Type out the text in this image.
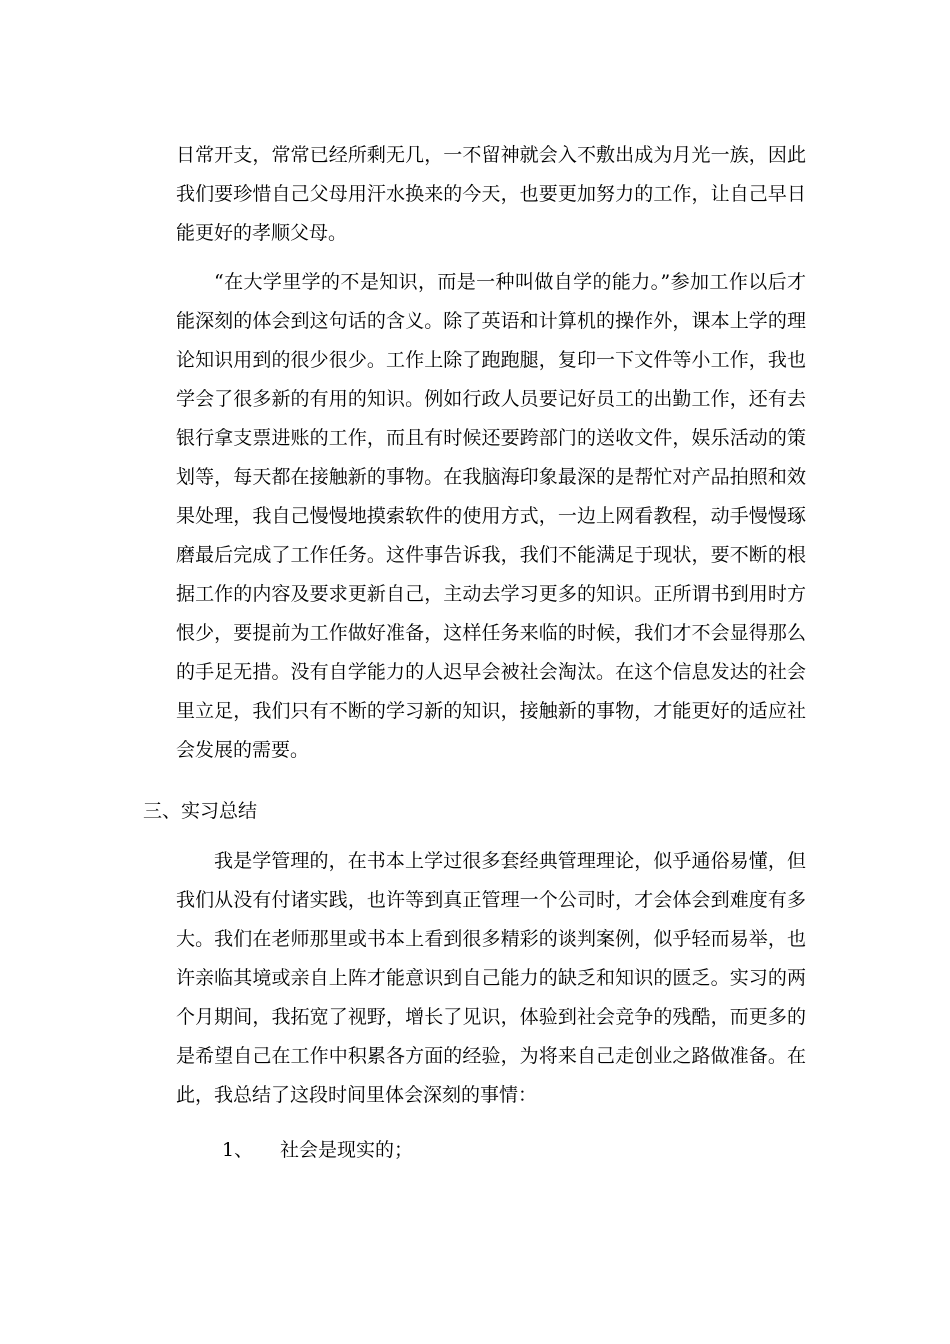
日常开支，常常已经所剩无几，一不留神就会入不敷出成为月光一族，因此我们要珍惜自己父母用汗水换来的今天，也要更加努力的工作，让自己早日能更好的孝顺父母。

“在大学里学的不是知识，而是一种叫做自学的能力。”参加工作以后才能深刻的体会到这句话的含义。除了英语和计算机的操作外，课本上学的理论知识用到的很少很少。工作上除了跑跑腿，复印一下文件等小工作，我也学会了很多新的有用的知识。例如行政人员要记好员工的出勤工作，还有去银行拿支票进账的工作，而且有时候还要跨部门的送收文件，娱乐活动的策划等，每天都在接触新的事物。在我脑海印象最深的是帮忙对产品拍照和效果处理，我自己慢慢地摸索软件的使用方式，一边上网看教程，动手慢慢琢磨最后完成了工作任务。这件事告诉我，我们不能满足于现状，要不断的根据工作的内容及要求更新自己，主动去学习更多的知识。正所谓书到用时方恨少，要提前为工作做好准备，这样任务来临的时候，我们才不会显得那么的手足无措。没有自学能力的人迟早会被社会淘汰。在这个信息发达的社会里立足，我们只有不断的学习新的知识，接触新的事物，才能更好的适应社会发展的需要。

三、实习总结

我是学管理的，在书本上学过很多套经典管理理论，似乎通俗易懂，但我们从没有付诸实践，也许等到真正管理一个公司时，才会体会到难度有多大。我们在老师那里或书本上看到很多精彩的谈判案例，似乎轻而易举，也许亲临其境或亲自上阵才能意识到自己能力的缺乏和知识的匮乏。实习的两个月期间，我拓宽了视野，增长了见识，体验到社会竞争的残酷，而更多的是希望自己在工作中积累各方面的经验，为将来自己走创业之路做准备。在此，我总结了这段时间里体会深刻的事情：

1、 社会是现实的；
